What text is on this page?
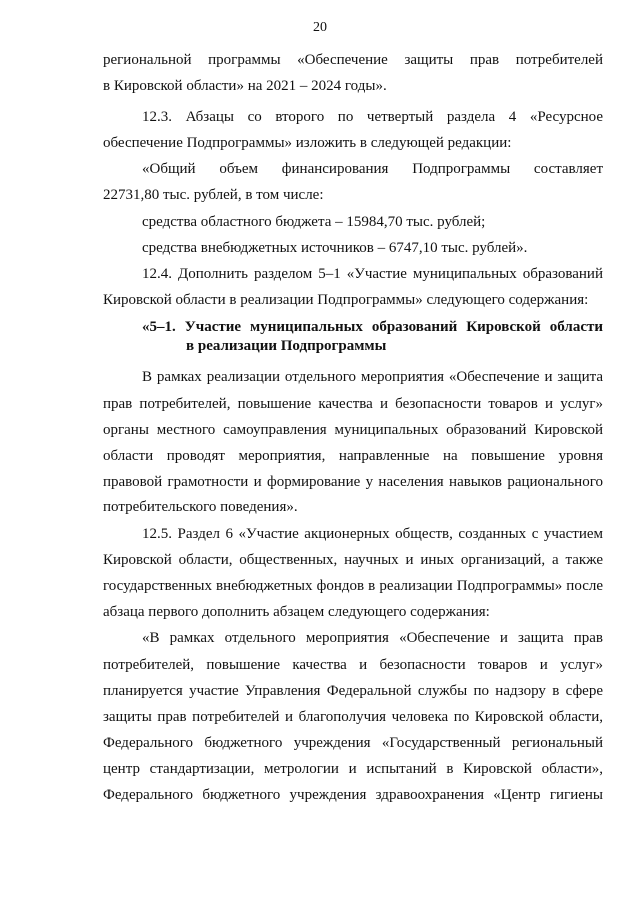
20
региональной программы «Обеспечение защиты прав потребителей
в Кировской области» на 2021 – 2024 годы».
12.3. Абзацы со второго по четвертый раздела 4 «Ресурсное
обеспечение Подпрограммы» изложить в следующей редакции:
«Общий объем финансирования Подпрограммы составляет
22731,80 тыс. рублей, в том числе:
средства областного бюджета – 15984,70 тыс. рублей;
средства внебюджетных источников – 6747,10 тыс. рублей».
12.4. Дополнить разделом 5–1 «Участие муниципальных образований
Кировской области в реализации Подпрограммы» следующего содержания:
«5–1. Участие муниципальных образований Кировской области
в реализации Подпрограммы
В рамках реализации отдельного мероприятия «Обеспечение и защита
прав потребителей, повышение качества и безопасности товаров и услуг»
органы местного самоуправления муниципальных образований Кировской
области проводят мероприятия, направленные на повышение уровня
правовой грамотности и формирование у населения навыков рационального
потребительского поведения».
12.5. Раздел 6 «Участие акционерных обществ, созданных с участием
Кировской области, общественных, научных и иных организаций, а также
государственных внебюджетных фондов в реализации Подпрограммы» после
абзаца первого дополнить абзацем следующего содержания:
«В рамках отдельного мероприятия «Обеспечение и защита прав
потребителей, повышение качества и безопасности товаров и услуг»
планируется участие Управления Федеральной службы по надзору в сфере
защиты прав потребителей и благополучия человека по Кировской области,
Федерального бюджетного учреждения «Государственный региональный
центр стандартизации, метрологии и испытаний в Кировской области»,
Федерального бюджетного учреждения здравоохранения «Центр гигиены
